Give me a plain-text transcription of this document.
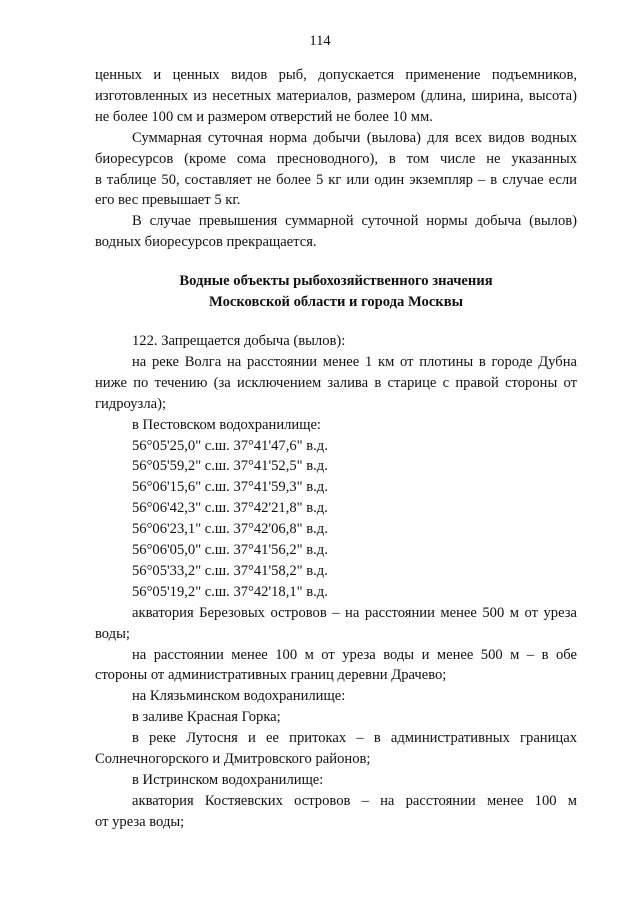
114
ценных и ценных видов рыб, допускается применение подъемников,
изготовленных из несетных материалов, размером (длина, ширина, высота)
не более 100 см и размером отверстий не более 10 мм.
Суммарная суточная норма добычи (вылова) для всех видов водных
биоресурсов (кроме сома пресноводного), в том числе не указанных
в таблице 50, составляет не более 5 кг или один экземпляр – в случае если
его вес превышает 5 кг.
В случае превышения суммарной суточной нормы добыча (вылов)
водных биоресурсов прекращается.

Водные объекты рыбохозяйственного значения

Московской области и города Москвы

122. Запрещается добыча (вылов):
на реке Волга на расстоянии менее 1 км от плотины в городе Дубна
ниже по течению (за исключением залива в старице с правой стороны от
гидроузла);
в Пестовском водохранилище:

56°05'25,0" с.ш. 37°41'47,6" в.д.

56°05'59,2" с.ш. 37°41'52,5" в.д.

56°06'15,6" с.ш. 37°41'59,3" в.д.

56°06'42,3" с.ш. 37°42'21,8" в.д.

56°06'23,1" с.ш. 37°42'06,8" в.д.

56°06'05,0" с.ш. 37°41'56,2" в.д.

56°05'33,2" с.ш. 37°41'58,2" в.д.

56°05'19,2" с.ш. 37°42'18,1" в.д.

акватория Березовых островов – на расстоянии менее 500 м от уреза
воды;
на расстоянии менее 100 м от уреза воды и менее 500 м – в обе
стороны от административных границ деревни Драчево;
на Клязьминском водохранилище:
в заливе Красная Горка;
в реке Лутосня и ее притоках – в административных границах
Солнечногорского и Дмитровского районов;
в Истринском водохранилище:
акватория Костяевских островов – на расстоянии менее 100 м
от уреза воды;
